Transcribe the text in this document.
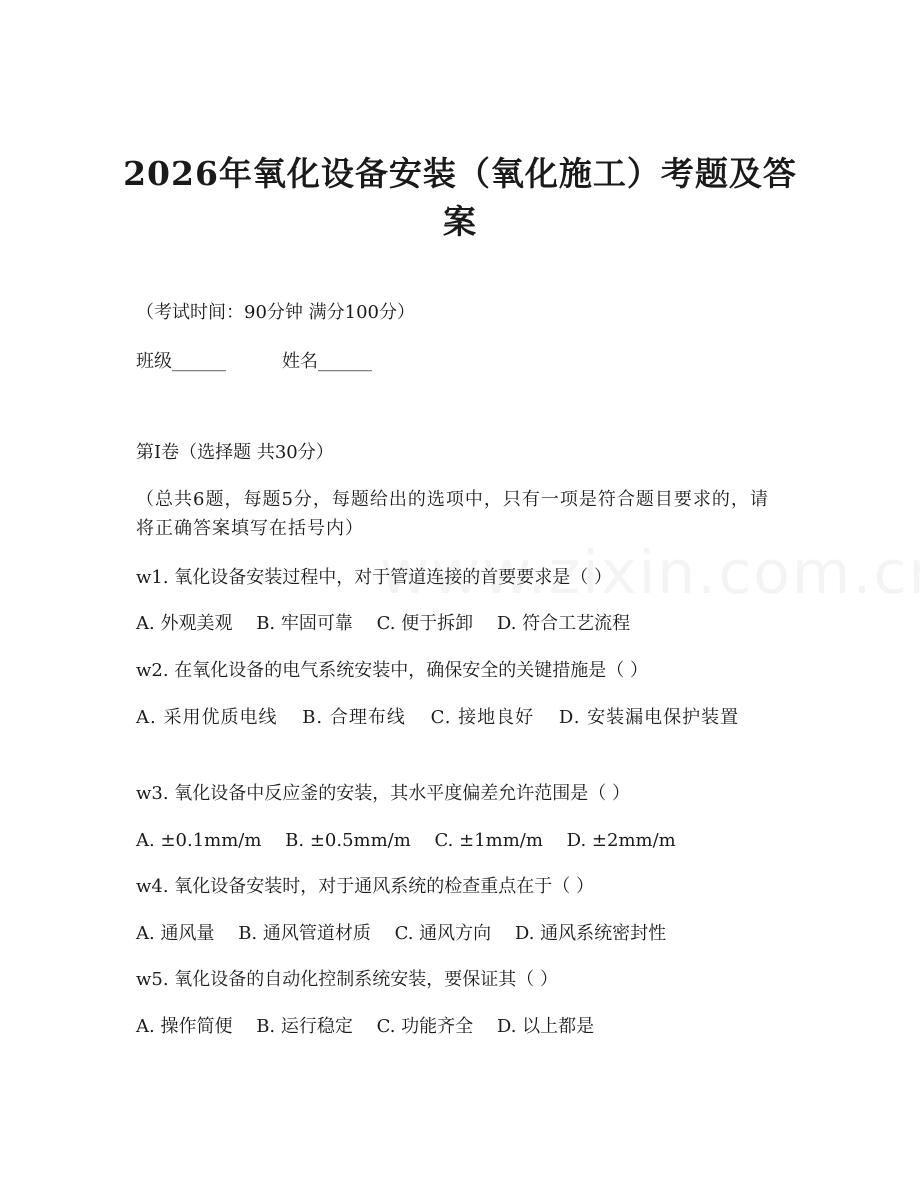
2026年氧化设备安装（氧化施工）考题及答案
（考试时间：90分钟 满分100分）
班级______	姓名______
第I卷（选择题 共30分）
（总共6题，每题5分，每题给出的选项中，只有一项是符合题目要求的，请将正确答案填写在括号内）
w1. 氧化设备安装过程中，对于管道连接的首要要求是（ ）
A. 外观美观 B. 牢固可靠 C. 便于拆卸 D. 符合工艺流程
w2. 在氧化设备的电气系统安装中，确保安全的关键措施是（ ）
A. 采用优质电线 B. 合理布线 C. 接地良好 D. 安装漏电保护装置
w3. 氧化设备中反应釜的安装，其水平度偏差允许范围是（ ）
A. ±0.1mm/m B. ±0.5mm/m C. ±1mm/m D. ±2mm/m
w4. 氧化设备安装时，对于通风系统的检查重点在于（ ）
A. 通风量 B. 通风管道材质 C. 通风方向 D. 通风系统密封性
w5. 氧化设备的自动化控制系统安装，要保证其（ ）
A. 操作简便 B. 运行稳定 C. 功能齐全 D. 以上都是
